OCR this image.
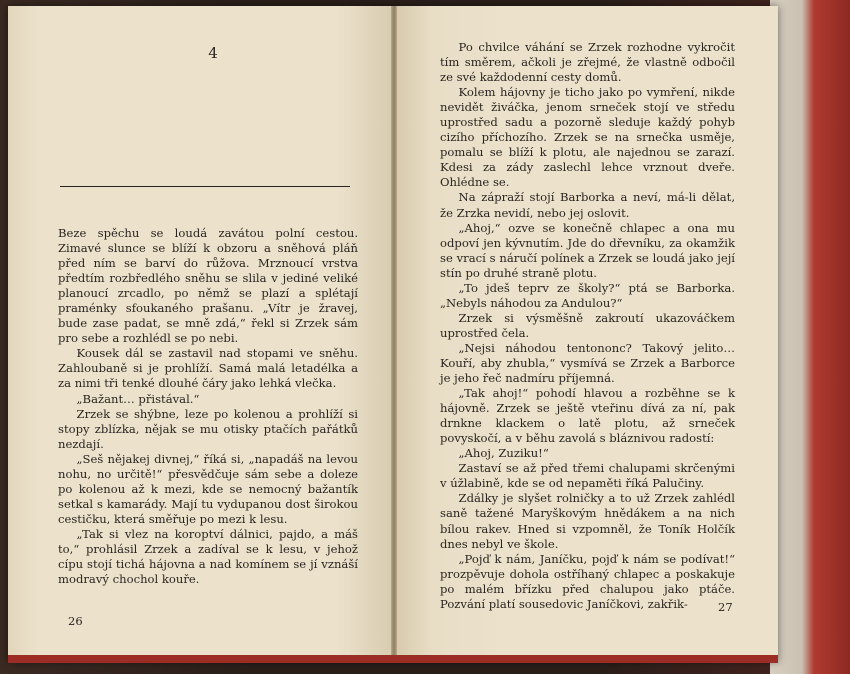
4

Beze spěchu se loudá zavátou polní cestou. Zimavé slunce se blíží k obzoru a sněhová pláň před ním se barví do růžova. Mrznoucí vrstva předtím rozbředlého sněhu se slila v jediné veliké planoucí zrcadlo, po němž se plazí a splétají praménky sfoukaného prašanu. „Vítr je žravej, bude zase padat, se mně zdá,“ řekl si Zrzek sám pro sebe a rozhlédl se po nebi.

Kousek dál se zastavil nad stopami ve sněhu. Zahloubaně si je prohlíží. Samá malá letadélka a za nimi tři tenké dlouhé čáry jako lehká vlečka.

„Bažant… přistával.“

Zrzek se shýbne, leze po kolenou a prohlíží si stopy zblízka, nějak se mu otisky ptačích pařátků nezdají.

„Seš nějakej divnej,“ říká si, „napadáš na levou nohu, no určitě!“ přesvědčuje sám sebe a doleze po kolenou až k mezi, kde se nemocný bažantík setkal s kamarády. Mají tu vydupanou dost širokou cestičku, která směřuje po mezi k lesu.

„Tak si vlez na koroptví dálnici, pajdo, a máš to,“ prohlásil Zrzek a zadíval se k lesu, v jehož cípu stojí tichá hájovna a nad komínem se jí vznáší modravý chochol kouře.

26

Po chvilce váhání se Zrzek rozhodne vykročit tím směrem, ačkoli je zřejmé, že vlastně odbočil ze své každodenní cesty domů.

Kolem hájovny je ticho jako po vymření, nikde nevidět živáčka, jenom srneček stojí ve středu uprostřed sadu a pozorně sleduje každý pohyb cizího příchozího. Zrzek se na srnečka usměje, pomalu se blíží k plotu, ale najednou se zarazí. Kdesi za zády zaslechl lehce vrznout dveře. Ohlédne se.

Na zápraží stojí Barborka a neví, má-li dělat, že Zrzka nevidí, nebo jej oslovit.

„Ahoj,“ ozve se konečně chlapec a ona mu odpoví jen kývnutím. Jde do dřevníku, za okamžik se vrací s náručí polínek a Zrzek se loudá jako její stín po druhé straně plotu.

„To jdeš teprv ze školy?“ ptá se Barborka. „Nebyls náhodou za Andulou?“

Zrzek si výsměšně zakroutí ukazováčkem uprostřed čela.

„Nejsi náhodou tentononc? Takový jelito… Kouří, aby zhubla,“ vysmívá se Zrzek a Barborce je jeho řeč nadmíru příjemná.

„Tak ahoj!“ pohodí hlavou a rozběhne se k hájovně. Zrzek se ještě vteřinu dívá za ní, pak drnkne klackem o latě plotu, až srneček povyskočí, a v běhu zavolá s bláznivou radostí:

„Ahoj, Zuziku!“

Zastaví se až před třemi chalupami skrčenými v úžlabině, kde se od nepaměti říká Palučiny.

Zdálky je slyšet rolničky a to už Zrzek zahlédl saně tažené Maryškovým hnědákem a na nich bílou rakev. Hned si vzpomněl, že Toník Holčík dnes nebyl ve škole.

„Pojď k nám, Janíčku, pojď k nám se podívat!“ prozpěvuje dohola ostříhaný chlapec a poskakuje po malém břízku před chalupou jako ptáče. Pozvání platí sousedovic Janíčkovi, zakřik-	27
